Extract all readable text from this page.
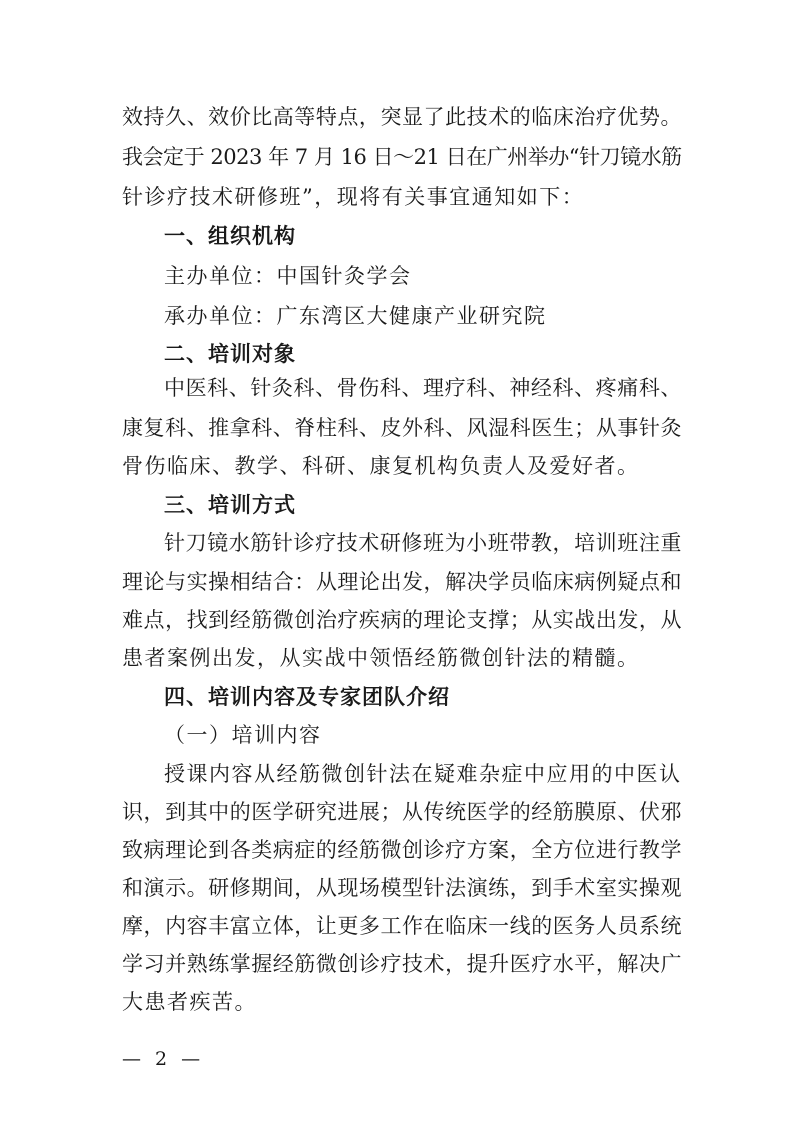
效持久、效价比高等特点，突显了此技术的临床治疗优势。
我会定于 2023 年 7 月 16 日～21 日在广州举办“针刀镜水筋
针诊疗技术研修班”，现将有关事宜通知如下：
一、组织机构
主办单位：中国针灸学会
承办单位：广东湾区大健康产业研究院
二、培训对象
中医科、针灸科、骨伤科、理疗科、神经科、疼痛科、
康复科、推拿科、脊柱科、皮外科、风湿科医生；从事针灸
骨伤临床、教学、科研、康复机构负责人及爱好者。
三、培训方式
针刀镜水筋针诊疗技术研修班为小班带教，培训班注重
理论与实操相结合：从理论出发，解决学员临床病例疑点和
难点，找到经筋微创治疗疾病的理论支撑；从实战出发，从
患者案例出发，从实战中领悟经筋微创针法的精髓。
四、培训内容及专家团队介绍
（一）培训内容
授课内容从经筋微创针法在疑难杂症中应用的中医认
识，到其中的医学研究进展；从传统医学的经筋膜原、伏邪
致病理论到各类病症的经筋微创诊疗方案，全方位进行教学
和演示。研修期间，从现场模型针法演练，到手术室实操观
摩，内容丰富立体，让更多工作在临床一线的医务人员系统
学习并熟练掌握经筋微创诊疗技术，提升医疗水平，解决广
大患者疾苦。
— 2 —
